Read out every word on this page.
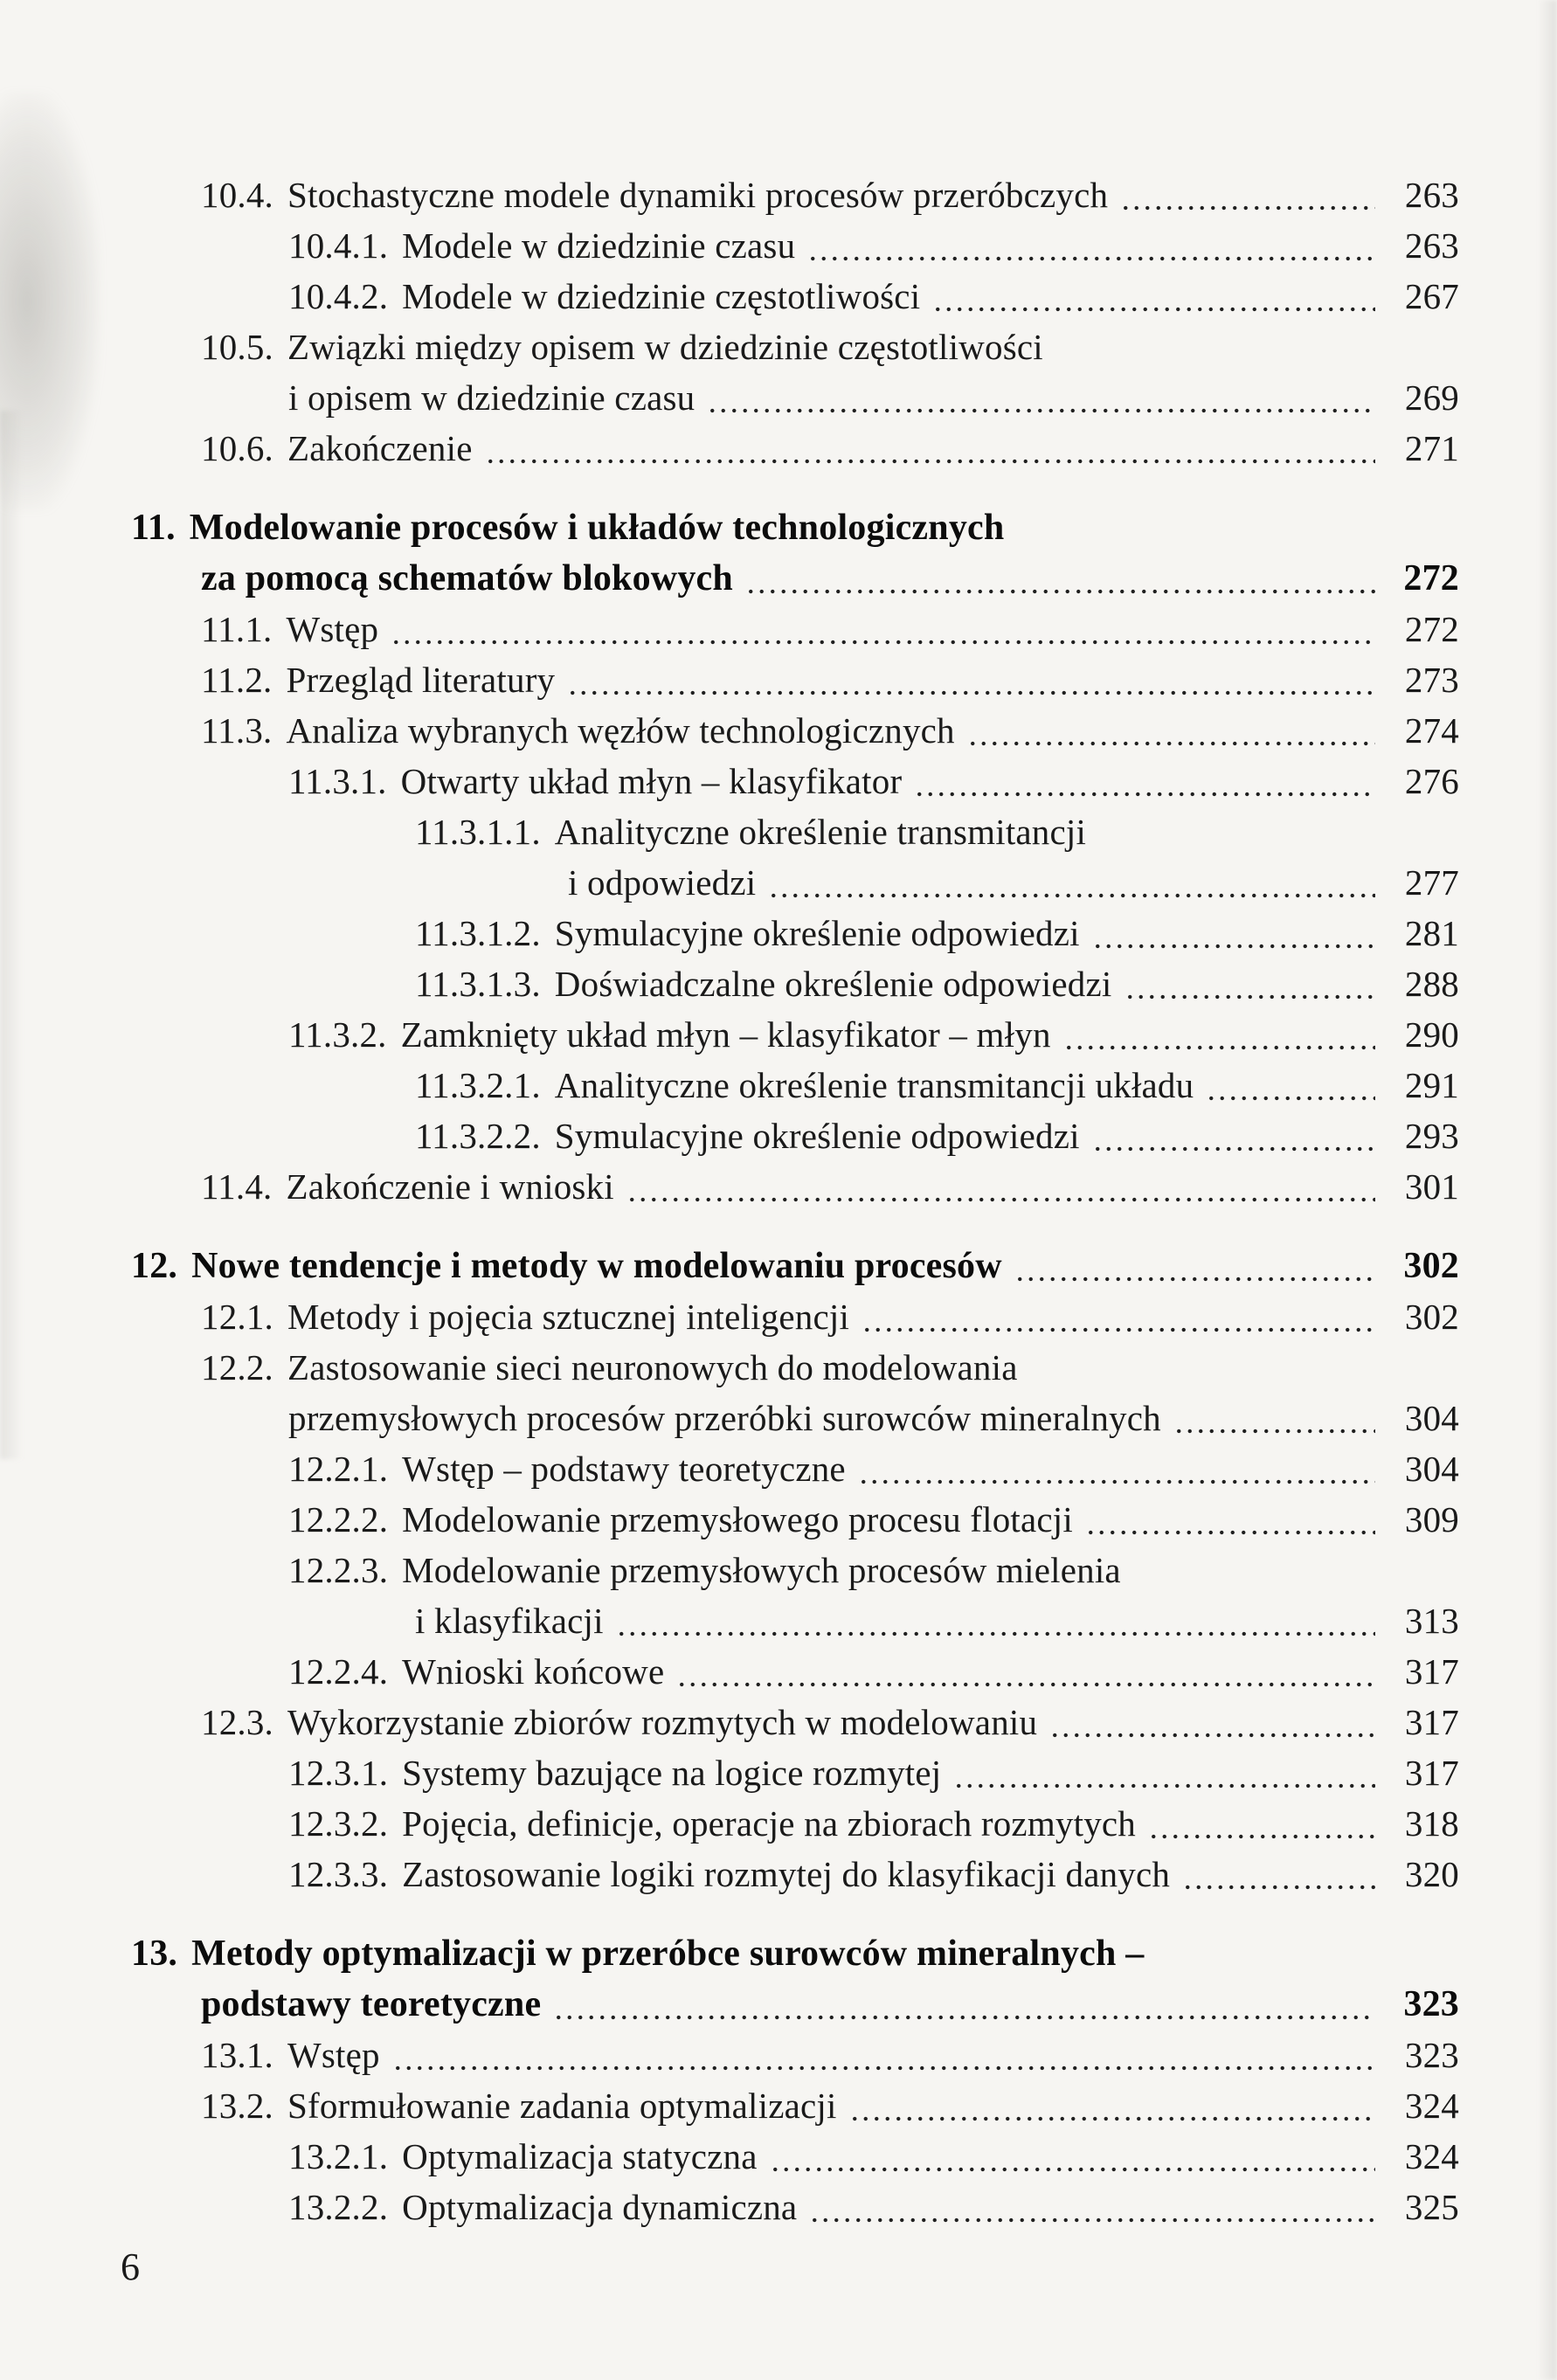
10.4. Stochastyczne modele dynamiki procesów przeróbczych	263
10.4.1. Modele w dziedzinie czasu	263
10.4.2. Modele w dziedzinie częstotliwości	267
10.5. Związki między opisem w dziedzinie częstotliwości
i opisem w dziedzinie czasu	269
10.6. Zakończenie	271
11. Modelowanie procesów i układów technologicznych
za pomocą schematów blokowych	272
11.1. Wstęp	272
11.2. Przegląd literatury	273
11.3. Analiza wybranych węzłów technologicznych	274
11.3.1. Otwarty układ młyn – klasyfikator	276
11.3.1.1. Analityczne określenie transmitancji
i odpowiedzi	277
11.3.1.2. Symulacyjne określenie odpowiedzi	281
11.3.1.3. Doświadczalne określenie odpowiedzi	288
11.3.2. Zamknięty układ młyn – klasyfikator – młyn	290
11.3.2.1. Analityczne określenie transmitancji układu	291
11.3.2.2. Symulacyjne określenie odpowiedzi	293
11.4. Zakończenie i wnioski	301
12. Nowe tendencje i metody w modelowaniu procesów	302
12.1. Metody i pojęcia sztucznej inteligencji	302
12.2. Zastosowanie sieci neuronowych do modelowania
przemysłowych procesów przeróbki surowców mineralnych	304
12.2.1. Wstęp – podstawy teoretyczne	304
12.2.2. Modelowanie przemysłowego procesu flotacji	309
12.2.3. Modelowanie przemysłowych procesów mielenia
i klasyfikacji	313
12.2.4. Wnioski końcowe	317
12.3. Wykorzystanie zbiorów rozmytych w modelowaniu	317
12.3.1. Systemy bazujące na logice rozmytej	317
12.3.2. Pojęcia, definicje, operacje na zbiorach rozmytych	318
12.3.3. Zastosowanie logiki rozmytej do klasyfikacji danych	320
13. Metody optymalizacji w przeróbce surowców mineralnych –
podstawy teoretyczne	323
13.1. Wstęp	323
13.2. Sformułowanie zadania optymalizacji	324
13.2.1. Optymalizacja statyczna	324
13.2.2. Optymalizacja dynamiczna	325
6
